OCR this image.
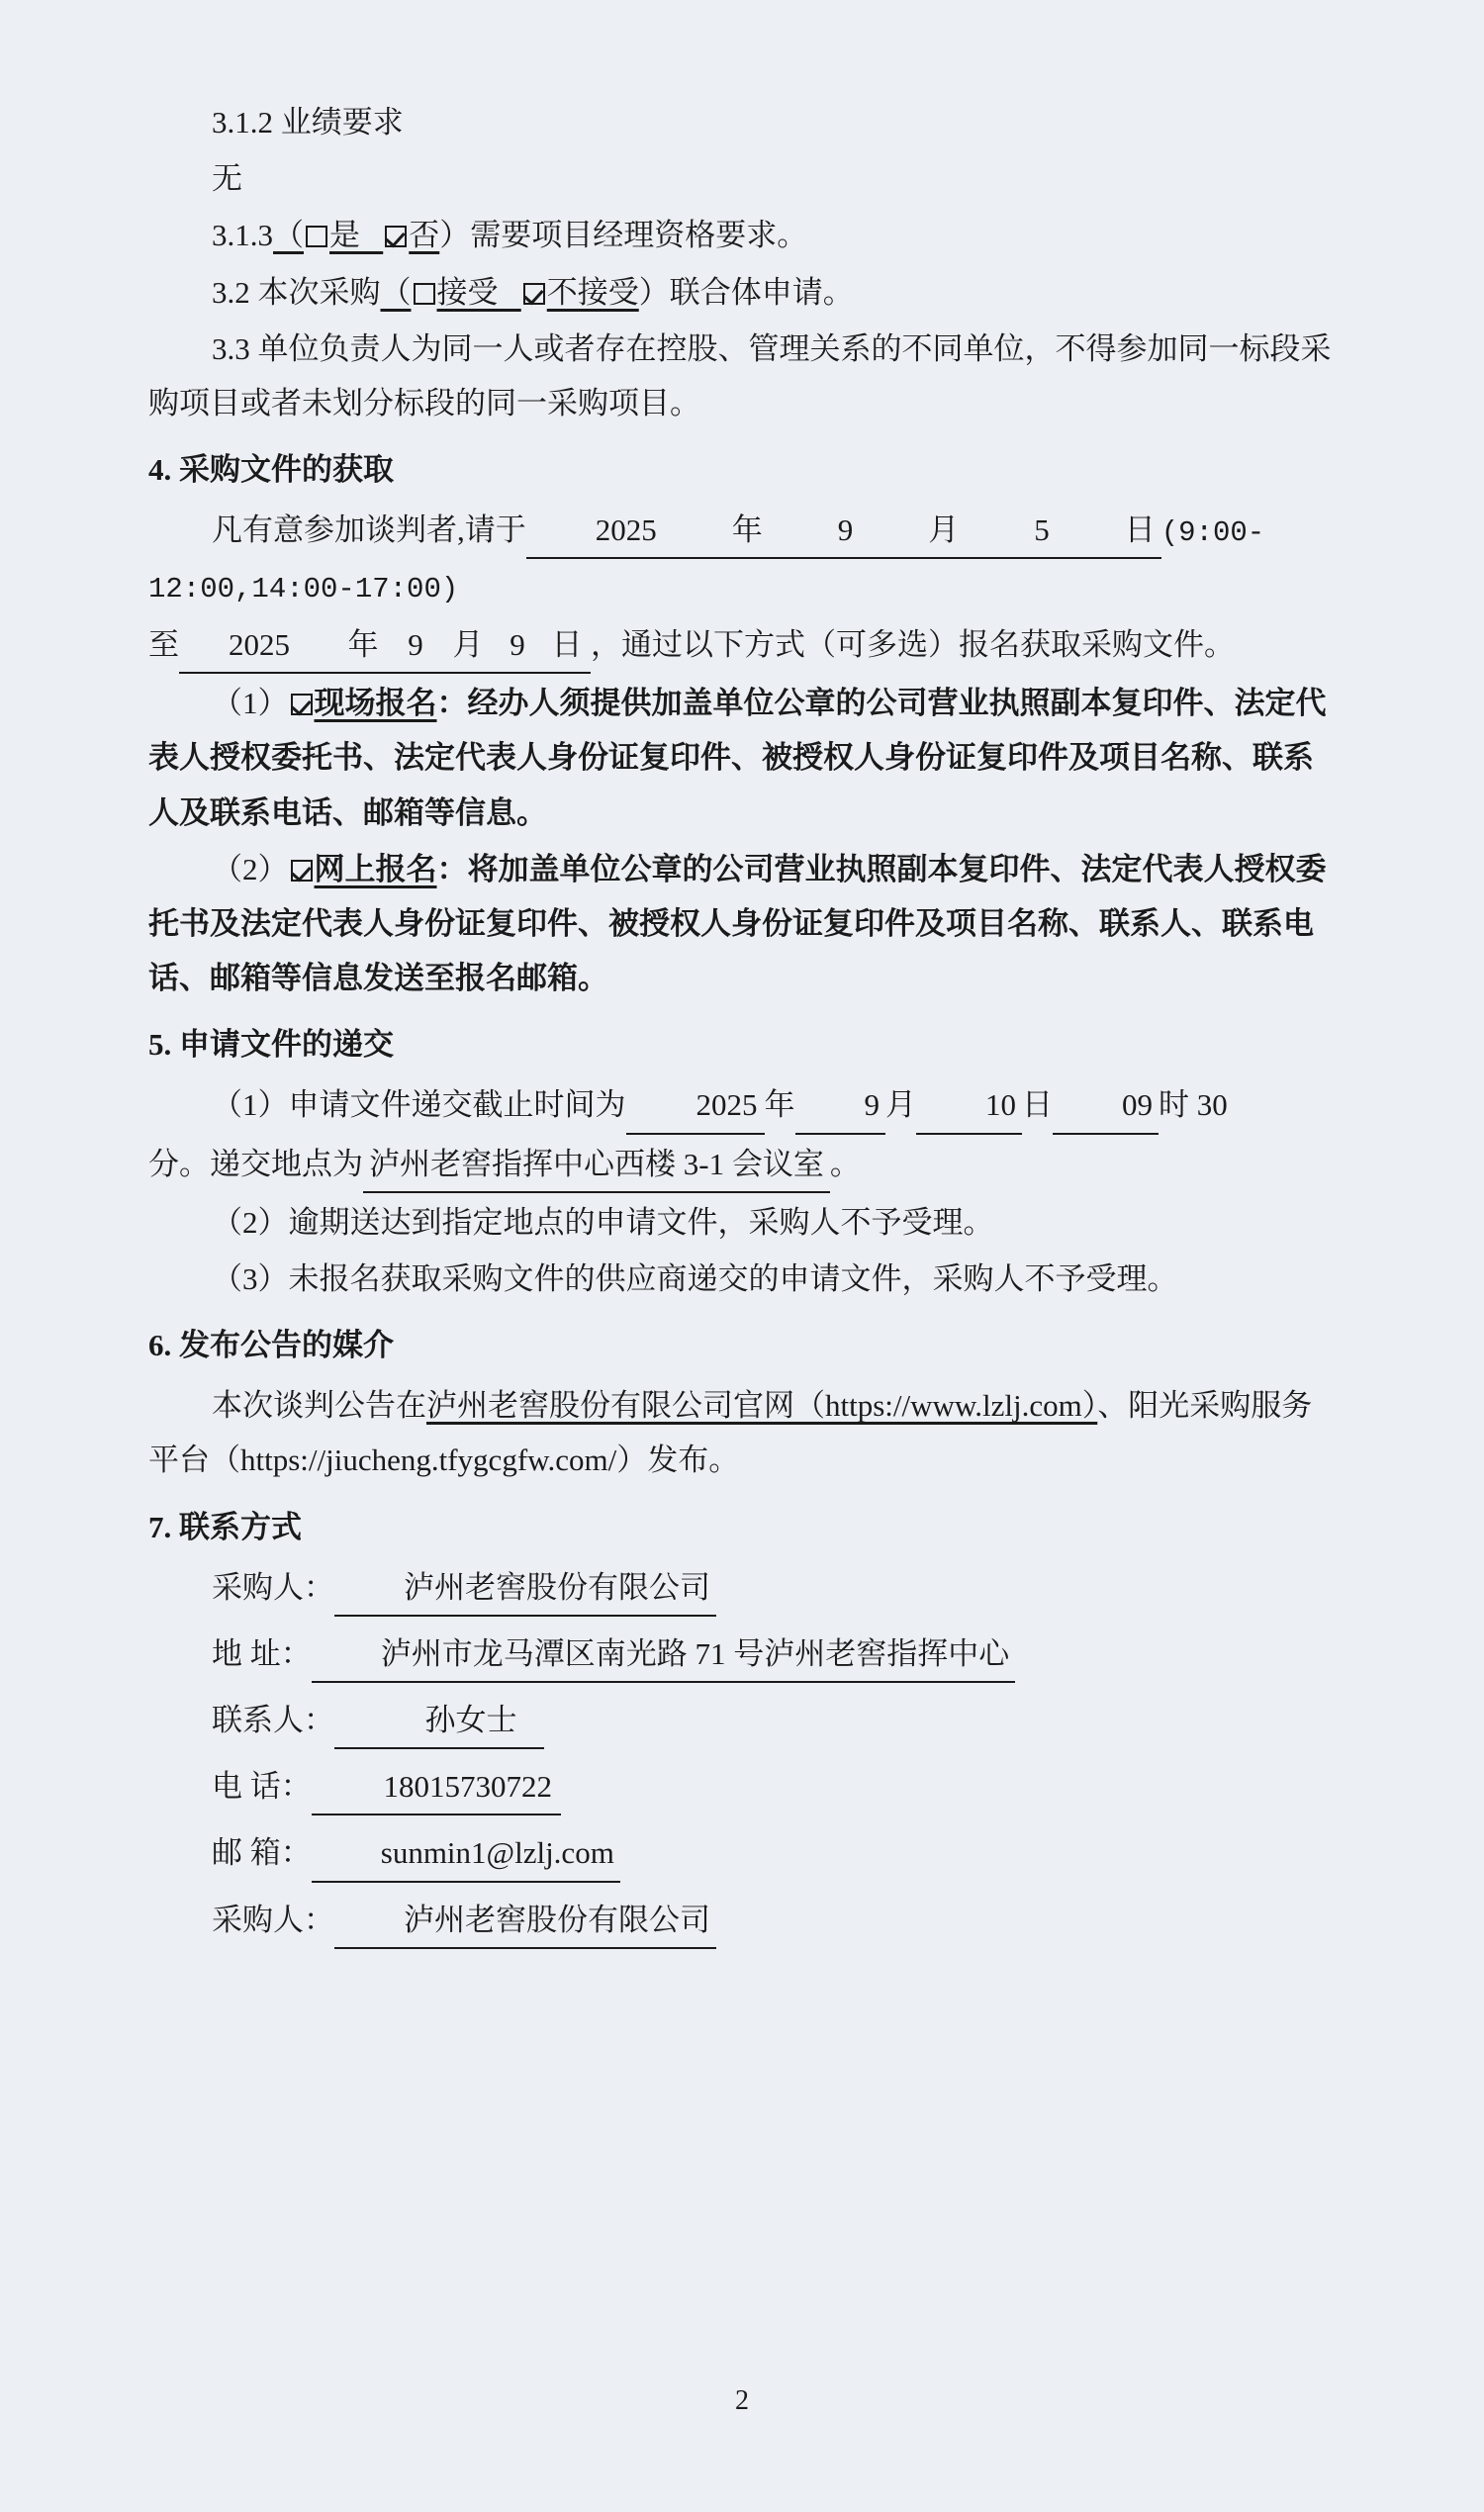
3.1.2 业绩要求

无

3.1.3（ 是 否）需要项目经理资格要求。

3.2 本次采购（ 接受 不接受）联合体申请。

3.3 单位负责人为同一人或者存在控股、管理关系的不同单位，不得参加同一标段采购项目或者未划分标段的同一采购项目。

4. 采购文件的获取

凡有意参加谈判者,请于 2025 年 9 月 5 日 (9:00-12:00,14:00-17:00)

至 2025 年 9 月 9 日 ，通过以下方式（可多选）报名获取采购文件。

（1） 现场报名：经办人须提供加盖单位公章的公司营业执照副本复印件、法定代表人授权委托书、法定代表人身份证复印件、被授权人身份证复印件及项目名称、联系人及联系电话、邮箱等信息。

（2） 网上报名：将加盖单位公章的公司营业执照副本复印件、法定代表人授权委托书及法定代表人身份证复印件、被授权人身份证复印件及项目名称、联系人、联系电话、邮箱等信息发送至报名邮箱。

5. 申请文件的递交

（1）申请文件递交截止时间为 2025 年 9 月 10 日 09 时 30

分。递交地点为 泸州老窖指挥中心西楼 3-1 会议室 。

（2）逾期送达到指定地点的申请文件，采购人不予受理。

（3）未报名获取采购文件的供应商递交的申请文件，采购人不予受理。

6. 发布公告的媒介

本次谈判公告在泸州老窖股份有限公司官网（https://www.lzlj.com）、阳光采购服务平台（https://jiucheng.tfygcgfw.com/）发布。

7. 联系方式

采购人： 泸州老窖股份有限公司

地 址： 泸州市龙马潭区南光路 71 号泸州老窖指挥中心

联系人：	孙女士

电 话： 18015730722

邮 箱： sunmin1@lzlj.com

采购人： 泸州老窖股份有限公司

2
